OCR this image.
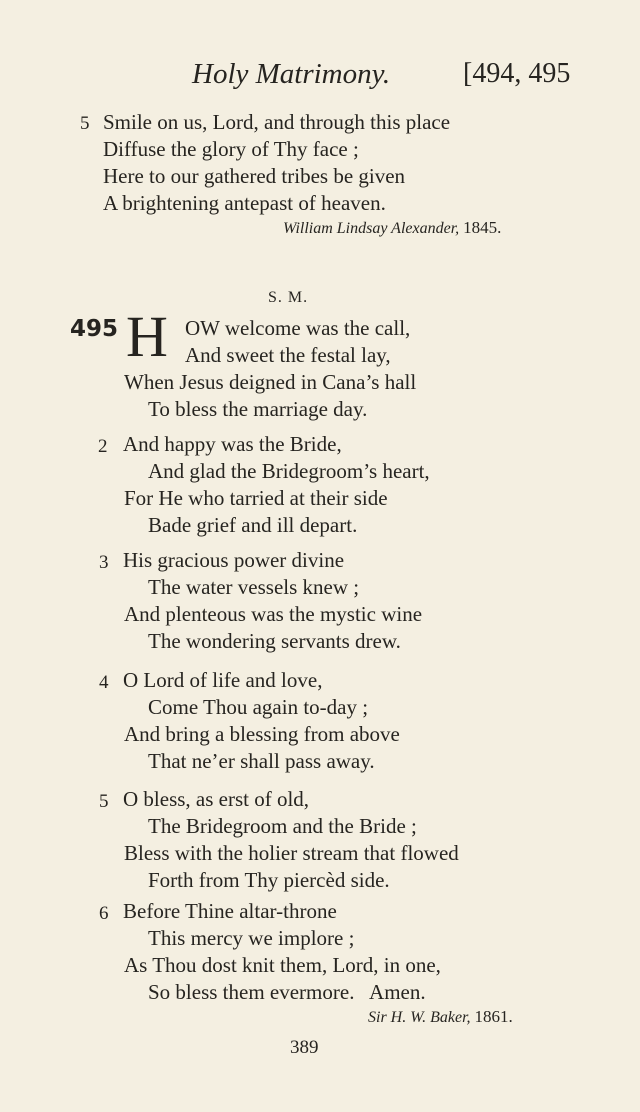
Holy Matrimony.	[494, 495
5 Smile on us, Lord, and through this place
Diffuse the glory of Thy face ;
Here to our gathered tribes be given
A brightening antepast of heaven.
William Lindsay Alexander, 1845.
S. M.
495 H OW welcome was the call,
And sweet the festal lay,
When Jesus deigned in Cana’s hall
To bless the marriage day.
2 And happy was the Bride,
And glad the Bridegroom’s heart,
For He who tarried at their side
Bade grief and ill depart.
3 His gracious power divine
The water vessels knew ;
And plenteous was the mystic wine
The wondering servants drew.
4 O Lord of life and love,
Come Thou again to-day ;
And bring a blessing from above
That ne’er shall pass away.
5 O bless, as erst of old,
The Bridegroom and the Bride ;
Bless with the holier stream that flowed
Forth from Thy piercèd side.
6 Before Thine altar-throne
This mercy we implore ;
As Thou dost knit them, Lord, in one,
So bless them evermore.   Amen.
Sir H. W. Baker, 1861.
389
